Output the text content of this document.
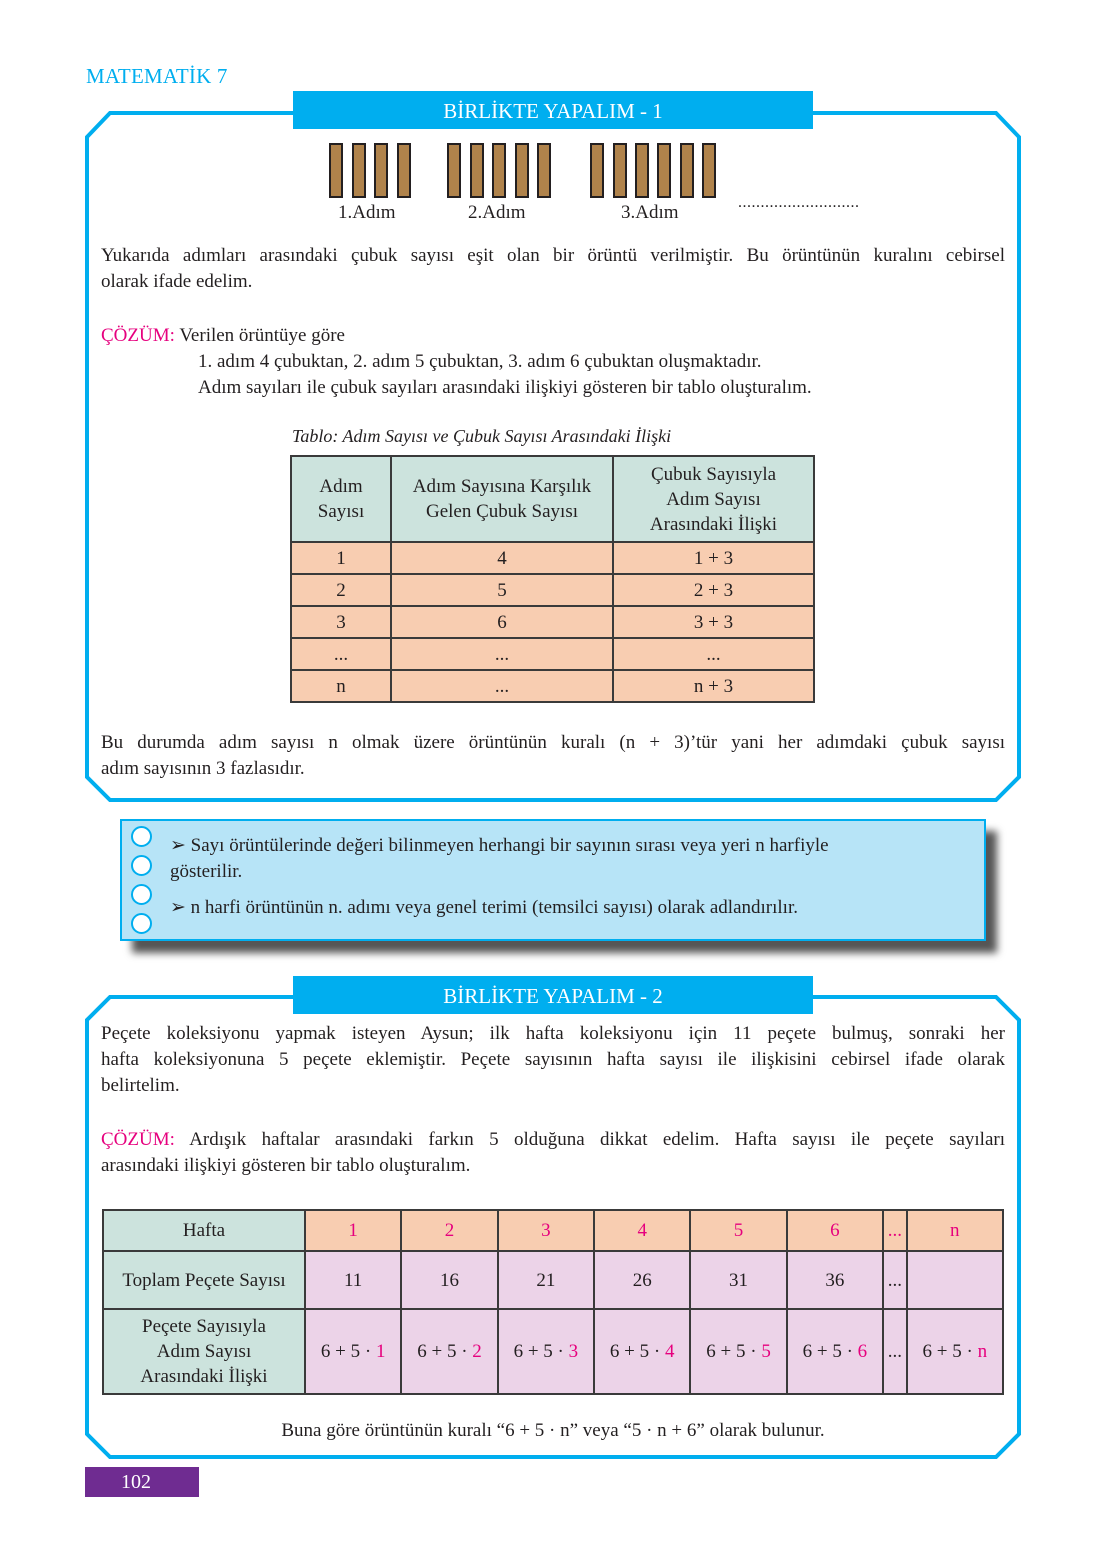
MATEMATİK 7
BİRLİKTE YAPALIM - 1
1.Adım	2.Adım	3.Adım	...........................
Yukarıda adımları arasındaki çubuk sayısı eşit olan bir örüntü verilmiştir. Bu örüntünün kuralını cebirsel
olarak ifade edelim.
ÇÖZÜM: Verilen örüntüye göre
1. adım 4 çubuktan, 2. adım 5 çubuktan, 3. adım 6 çubuktan oluşmaktadır.
Adım sayıları ile çubuk sayıları arasındaki ilişkiyi gösteren bir tablo oluşturalım.
Tablo: Adım Sayısı ve Çubuk Sayısı Arasındaki İlişki
Adım
Sayısı

Adım Sayısına Karşılık
Gelen Çubuk Sayısı

Çubuk Sayısıyla
Adım Sayısı
Arasındaki İlişki

1	4	1 + 3
2	5	2 + 3
3	6	3 + 3
...	...	...
n	...	n + 3
Bu durumda adım sayısı n olmak üzere örüntünün kuralı (n + 3)’tür yani her adımdaki çubuk sayısı
adım sayısının 3 fazlasıdır.
➢ Sayı örüntülerinde değeri bilinmeyen herhangi bir sayının sırası veya yeri n harfiyle
gösterilir.
➢ n harfi örüntünün n. adımı veya genel terimi (temsilci sayısı) olarak adlandırılır.
BİRLİKTE YAPALIM - 2
Peçete koleksiyonu yapmak isteyen Aysun; ilk hafta koleksiyonu için 11 peçete bulmuş, sonraki her
hafta koleksiyonuna 5 peçete eklemiştir. Peçete sayısının hafta sayısı ile ilişkisini cebirsel ifade olarak
belirtelim.
ÇÖZÜM: Ardışık haftalar arasındaki farkın 5 olduğuna dikkat edelim. Hafta sayısı ile peçete sayıları
arasındaki ilişkiyi gösteren bir tablo oluşturalım.
Hafta	1	2	3	4	5	6	...	n
Toplam Peçete Sayısı	11	16	21	26	31	36	...	

Peçete Sayısıyla
Adım Sayısı
Arasındaki İlişki	6 + 5 · 1	6 + 5 · 2	6 + 5 · 3	6 + 5 · 4	6 + 5 · 5	6 + 5 · 6	...	6 + 5 · n
Buna göre örüntünün kuralı “6 + 5 · n” veya “5 · n + 6” olarak bulunur.
102
